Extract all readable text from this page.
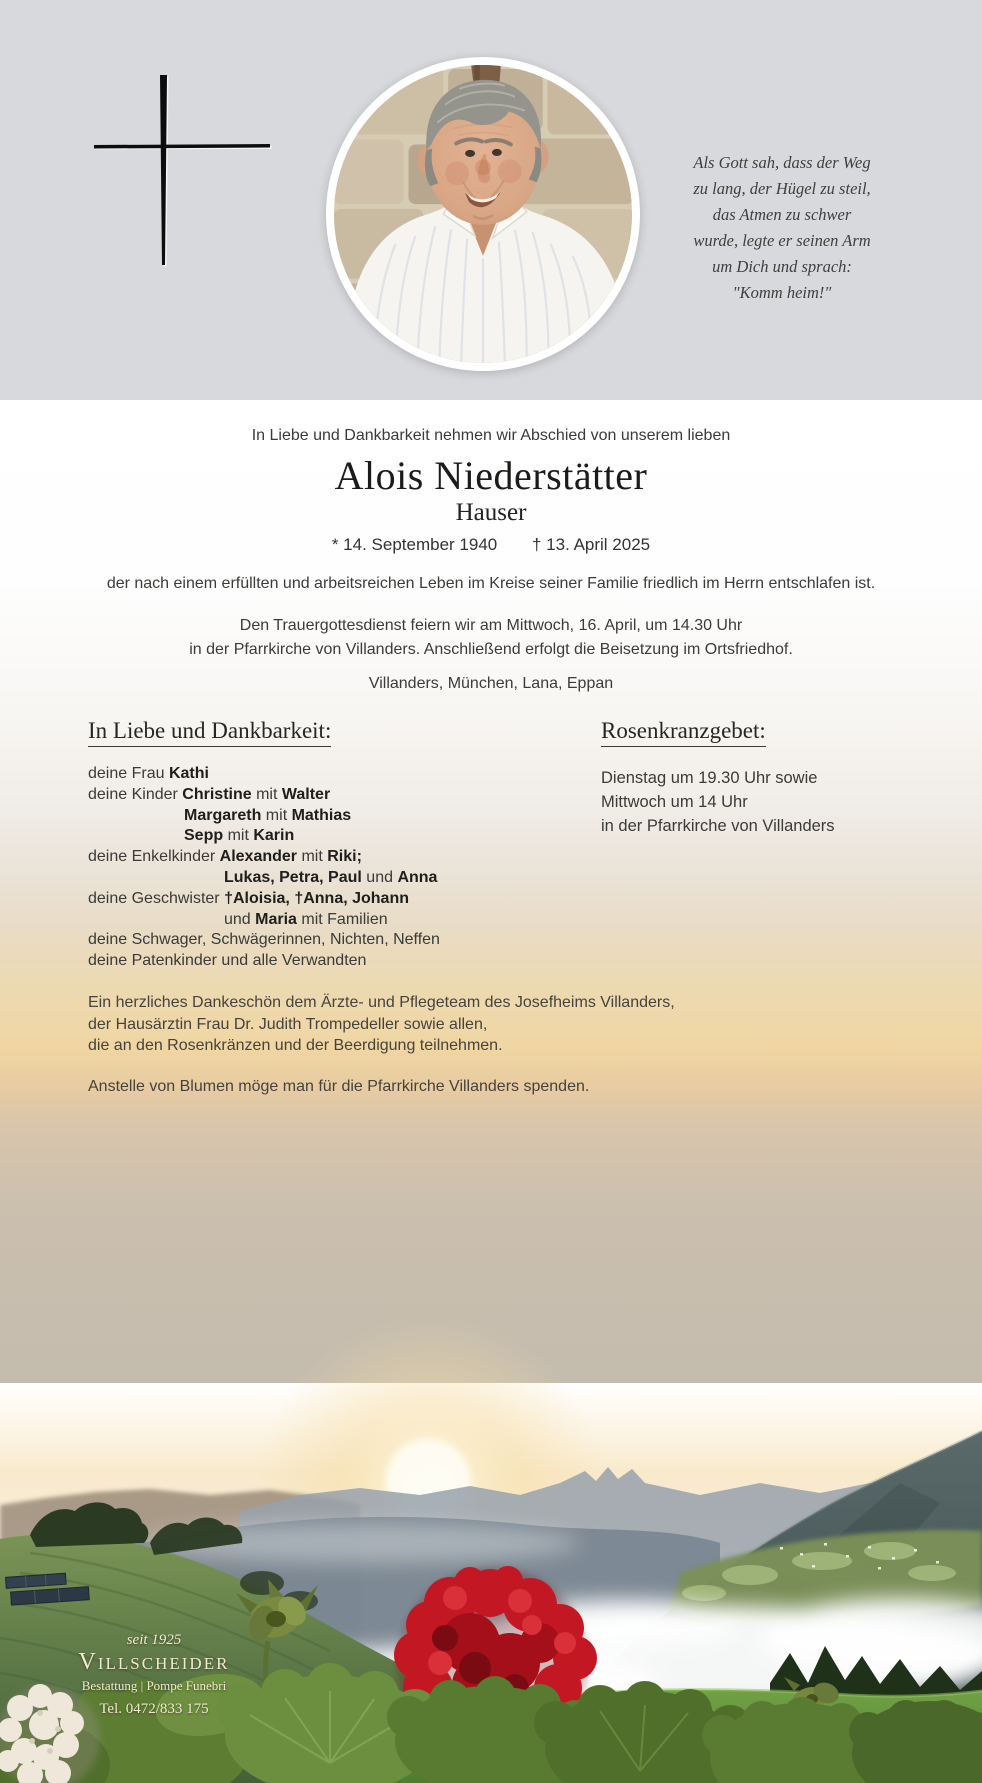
Als Gott sah, dass der Weg
zu lang, der Hügel zu steil,
das Atmen zu schwer
wurde, legte er seinen Arm
um Dich und sprach:
"Komm heim!"
seit 1925
Villscheider
Bestattung | Pompe Funebri
Tel. 0472/833 175
In Liebe und Dankbarkeit nehmen wir Abschied von unserem lieben
Alois Niederstätter
Hauser
* 14. September 1940 † 13. April 2025
der nach einem erfüllten und arbeitsreichen Leben im Kreise seiner Familie friedlich im Herrn entschlafen ist.
Den Trauergottesdienst feiern wir am Mittwoch, 16. April, um 14.30 Uhr
in der Pfarrkirche von Villanders. Anschließend erfolgt die Beisetzung im Ortsfriedhof.
Villanders, München, Lana, Eppan
In Liebe und Dankbarkeit:
deine Frau Kathi
deine Kinder Christine mit Walter
Margareth mit Mathias
Sepp mit Karin
deine Enkelkinder Alexander mit Riki;
Lukas, Petra, Paul und Anna
deine Geschwister †Aloisia, †Anna, Johann
und Maria mit Familien
deine Schwager, Schwägerinnen, Nichten, Neffen
deine Patenkinder und alle Verwandten
Rosenkranzgebet:
Dienstag um 19.30 Uhr sowie
Mittwoch um 14 Uhr
in der Pfarrkirche von Villanders
Ein herzliches Dankeschön dem Ärzte- und Pflegeteam des Josefheims Villanders,
der Hausärztin Frau Dr. Judith Trompedeller sowie allen,
die an den Rosenkränzen und der Beerdigung teilnehmen.
Anstelle von Blumen möge man für die Pfarrkirche Villanders spenden.
